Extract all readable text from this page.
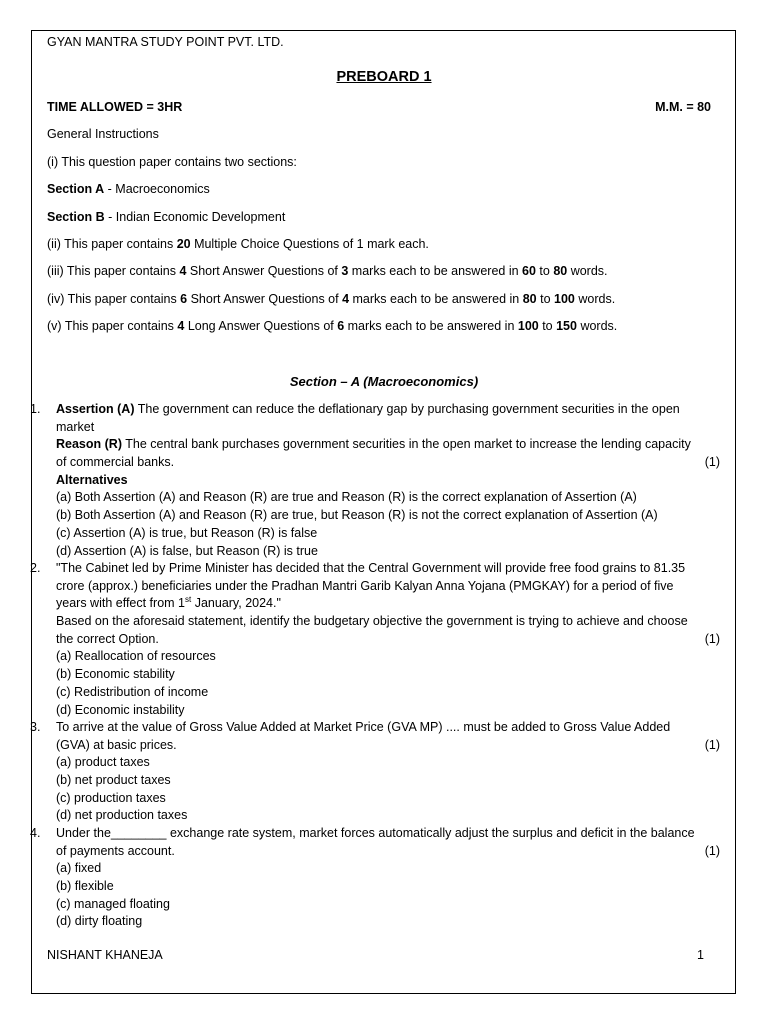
GYAN MANTRA STUDY POINT PVT. LTD.
PREBOARD 1
TIME ALLOWED = 3HR	M.M. = 80
General Instructions
(i) This question paper contains two sections:
Section A - Macroeconomics
Section B - Indian Economic Development
(ii) This paper contains 20 Multiple Choice Questions of 1 mark each.
(iii) This paper contains 4 Short Answer Questions of 3 marks each to be answered in 60 to 80 words.
(iv) This paper contains 6 Short Answer Questions of 4 marks each to be answered in 80 to 100 words.
(v) This paper contains 4 Long Answer Questions of 6 marks each to be answered in 100 to 150 words.
Section – A (Macroeconomics)
1. Assertion (A) The government can reduce the deflationary gap by purchasing government securities in the open
market
Reason (R) The central bank purchases government securities in the open market to increase the lending capacity
of commercial banks.	(1)
Alternatives
(a) Both Assertion (A) and Reason (R) are true and Reason (R) is the correct explanation of Assertion (A)
(b) Both Assertion (A) and Reason (R) are true, but Reason (R) is not the correct explanation of Assertion (A)
(c) Assertion (A) is true, but Reason (R) is false
(d) Assertion (A) is false, but Reason (R) is true
2. "The Cabinet led by Prime Minister has decided that the Central Government will provide free food grains to 81.35
crore (approx.) beneficiaries under the Pradhan Mantri Garib Kalyan Anna Yojana (PMGKAY) for a period of five
years with effect from 1st January, 2024."
Based on the aforesaid statement, identify the budgetary objective the government is trying to achieve and choose
the correct Option.	(1)
(a) Reallocation of resources
(b) Economic stability
(c) Redistribution of income
(d) Economic instability
3. To arrive at the value of Gross Value Added at Market Price (GVA MP) .... must be added to Gross Value Added
(GVA) at basic prices.	(1)
(a) product taxes
(b) net product taxes
(c) production taxes
(d) net production taxes
4. Under the________ exchange rate system, market forces automatically adjust the surplus and deficit in the balance
of payments account.	(1)
(a) fixed
(b) flexible
(c) managed floating
(d) dirty floating
NISHANT KHANEJA	1
